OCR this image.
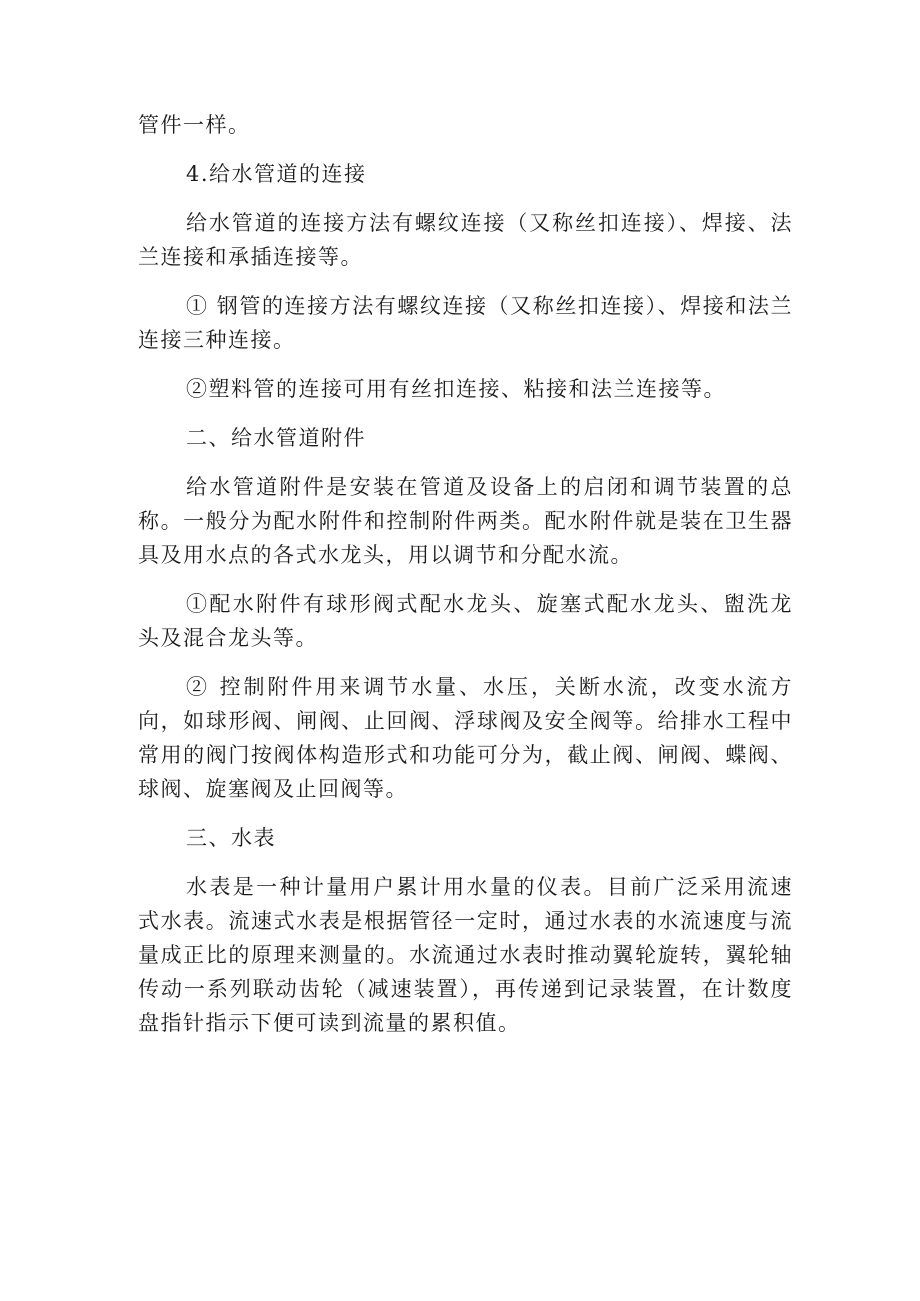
管件一样。

4.给水管道的连接

给水管道的连接方法有螺纹连接（又称丝扣连接）、焊接、法兰连接和承插连接等。

① 钢管的连接方法有螺纹连接（又称丝扣连接）、焊接和法兰连接三种连接。

②塑料管的连接可用有丝扣连接、粘接和法兰连接等。

二、给水管道附件

给水管道附件是安装在管道及设备上的启闭和调节装置的总称。一般分为配水附件和控制附件两类。配水附件就是装在卫生器具及用水点的各式水龙头，用以调节和分配水流。

①配水附件有球形阀式配水龙头、旋塞式配水龙头、盥洗龙头及混合龙头等。

② 控制附件用来调节水量、水压，关断水流，改变水流方向，如球形阀、闸阀、止回阀、浮球阀及安全阀等。给排水工程中常用的阀门按阀体构造形式和功能可分为，截止阀、闸阀、蝶阀、球阀、旋塞阀及止回阀等。

三、水表

水表是一种计量用户累计用水量的仪表。目前广泛采用流速式水表。流速式水表是根据管径一定时，通过水表的水流速度与流量成正比的原理来测量的。水流通过水表时推动翼轮旋转，翼轮轴传动一系列联动齿轮（减速装置），再传递到记录装置，在计数度盘指针指示下便可读到流量的累积值。
